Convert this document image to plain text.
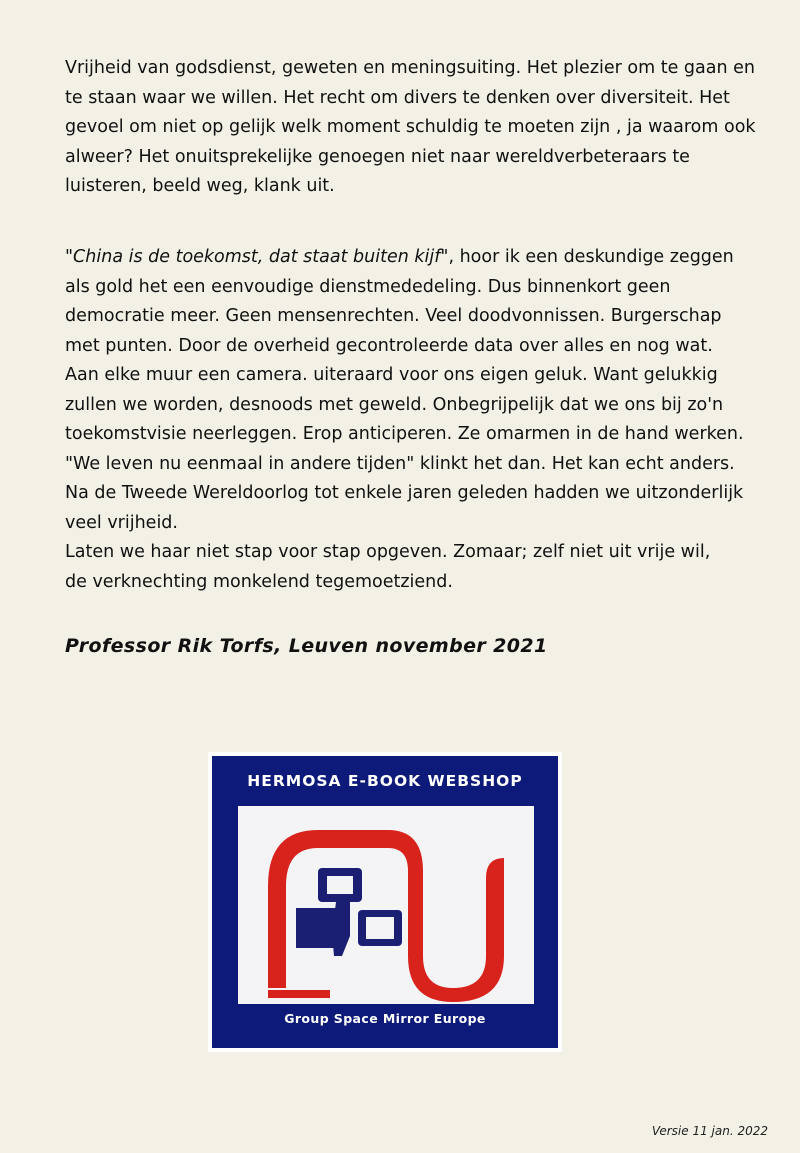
Vrijheid van godsdienst, geweten en meningsuiting. Het plezier om te gaan en
te staan waar we willen. Het recht om divers te denken over diversiteit. Het
gevoel om niet op gelijk welk moment schuldig te moeten zijn , ja waarom ook
alweer? Het onuitsprekelijke genoegen niet naar wereldverbeteraars te
luisteren, beeld weg, klank uit.
"China is de toekomst, dat staat buiten kijf", hoor ik een deskundige zeggen
als gold het een eenvoudige dienstmededeling. Dus binnenkort geen
democratie meer. Geen mensenrechten. Veel doodvonnissen. Burgerschap
met punten. Door de overheid gecontroleerde data over alles en nog wat.
Aan elke muur een camera. uiteraard voor ons eigen geluk. Want gelukkig
zullen we worden, desnoods met geweld. Onbegrijpelijk dat we ons bij zo'n
toekomstvisie neerleggen. Erop anticiperen. Ze omarmen in de hand werken.
"We leven nu eenmaal in andere tijden" klinkt het dan. Het kan echt anders.
Na de Tweede Wereldoorlog tot enkele jaren geleden hadden we uitzonderlijk
veel vrijheid.
Laten we haar niet stap voor stap opgeven. Zomaar; zelf niet uit vrije wil,
de verknechting monkelend tegemoetziend.

Professor Rik Torfs, Leuven november 2021

HERMOSA E-BOOK WEBSHOP
Group Space Mirror Europe
Versie 11 jan. 2022
